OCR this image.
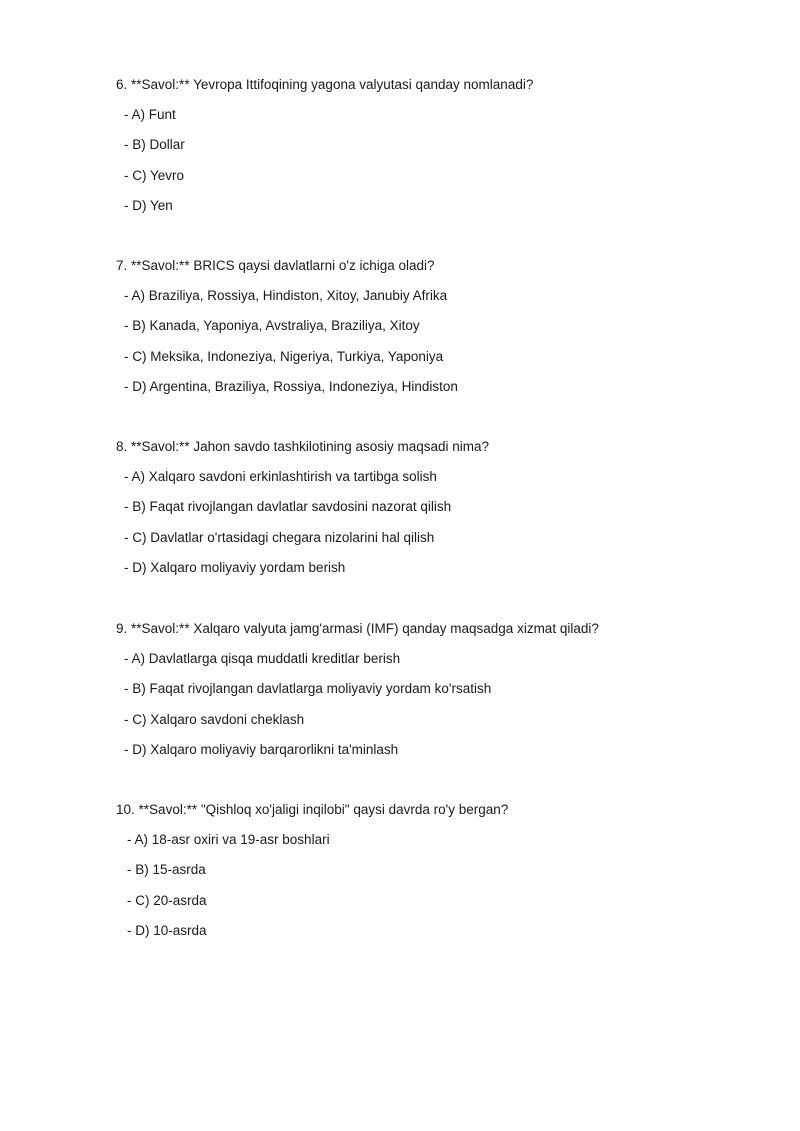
6. **Savol:** Yevropa Ittifoqining yagona valyutasi qanday nomlanadi?
- A) Funt
- B) Dollar
- C) Yevro
- D) Yen
7. **Savol:** BRICS qaysi davlatlarni o'z ichiga oladi?
- A) Braziliya, Rossiya, Hindiston, Xitoy, Janubiy Afrika
- B) Kanada, Yaponiya, Avstraliya, Braziliya, Xitoy
- C) Meksika, Indoneziya, Nigeriya, Turkiya, Yaponiya
- D) Argentina, Braziliya, Rossiya, Indoneziya, Hindiston
8. **Savol:** Jahon savdo tashkilotining asosiy maqsadi nima?
- A) Xalqaro savdoni erkinlashtirish va tartibga solish
- B) Faqat rivojlangan davlatlar savdosini nazorat qilish
- C) Davlatlar o'rtasidagi chegara nizolarini hal qilish
- D) Xalqaro moliyaviy yordam berish
9. **Savol:** Xalqaro valyuta jamg'armasi (IMF) qanday maqsadga xizmat qiladi?
- A) Davlatlarga qisqa muddatli kreditlar berish
- B) Faqat rivojlangan davlatlarga moliyaviy yordam ko'rsatish
- C) Xalqaro savdoni cheklash
- D) Xalqaro moliyaviy barqarorlikni ta'minlash
10. **Savol:** "Qishloq xo'jaligi inqilobi" qaysi davrda ro'y bergan?
- A) 18-asr oxiri va 19-asr boshlari
- B) 15-asrda
- C) 20-asrda
- D) 10-asrda
